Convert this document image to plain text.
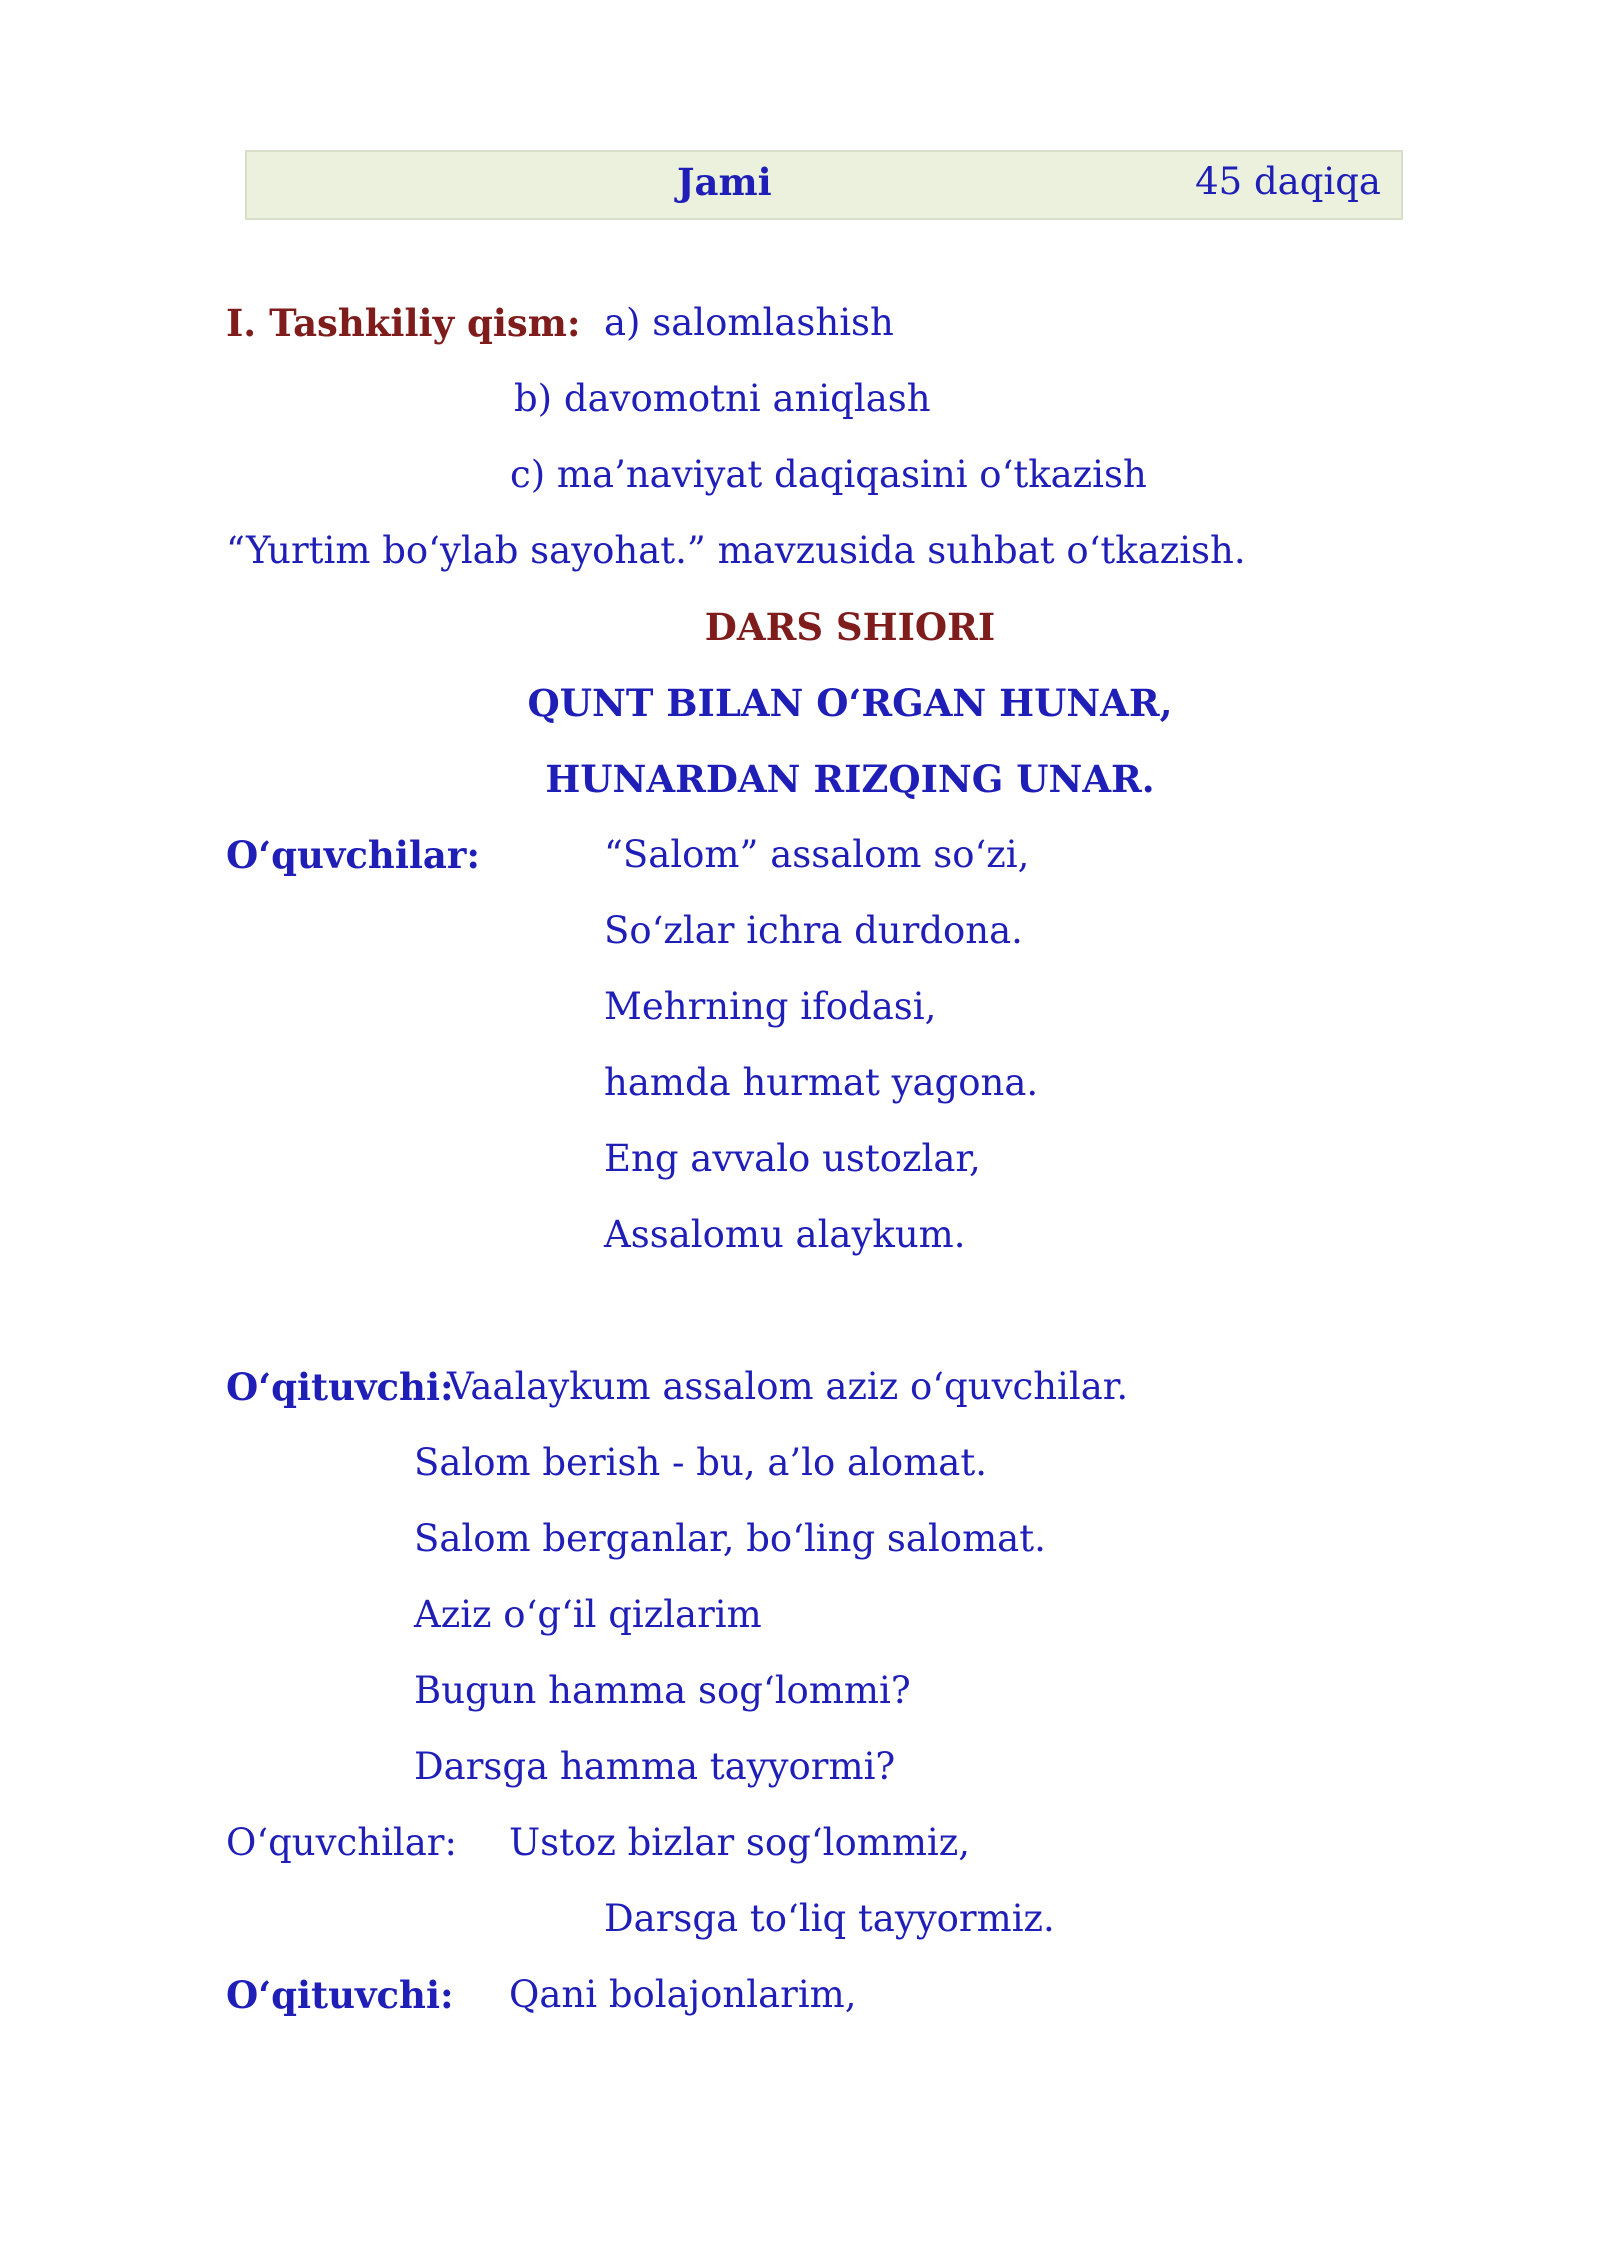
Jami	45 daqiqa
I. Tashkiliy qism: a) salomlashish
b) davomotni aniqlash
c) ma’naviyat daqiqasini o‘tkazish
“Yurtim bo‘ylab sayohat.” mavzusida suhbat o‘tkazish.
DARS SHIORI
QUNT BILAN O‘RGAN HUNAR,
HUNARDAN RIZQING UNAR.
O‘quvchilar:	“Salom” assalom so‘zi,
So‘zlar ichra durdona.
Mehrning ifodasi,
hamda hurmat yagona.
Eng avvalo ustozlar,
Assalomu alaykum.
O‘qituvchi:
Vaalaykum assalom aziz o‘quvchilar.
Salom berish - bu, a’lo alomat.
Salom berganlar, bo‘ling salomat.
Aziz o‘g‘il qizlarim
Bugun hamma sog‘lommi?
Darsga hamma tayyormi?
O‘quvchilar: Ustoz bizlar sog‘lommiz,
Darsga to‘liq tayyormiz.
O‘qituvchi: Qani bolajonlarim,
